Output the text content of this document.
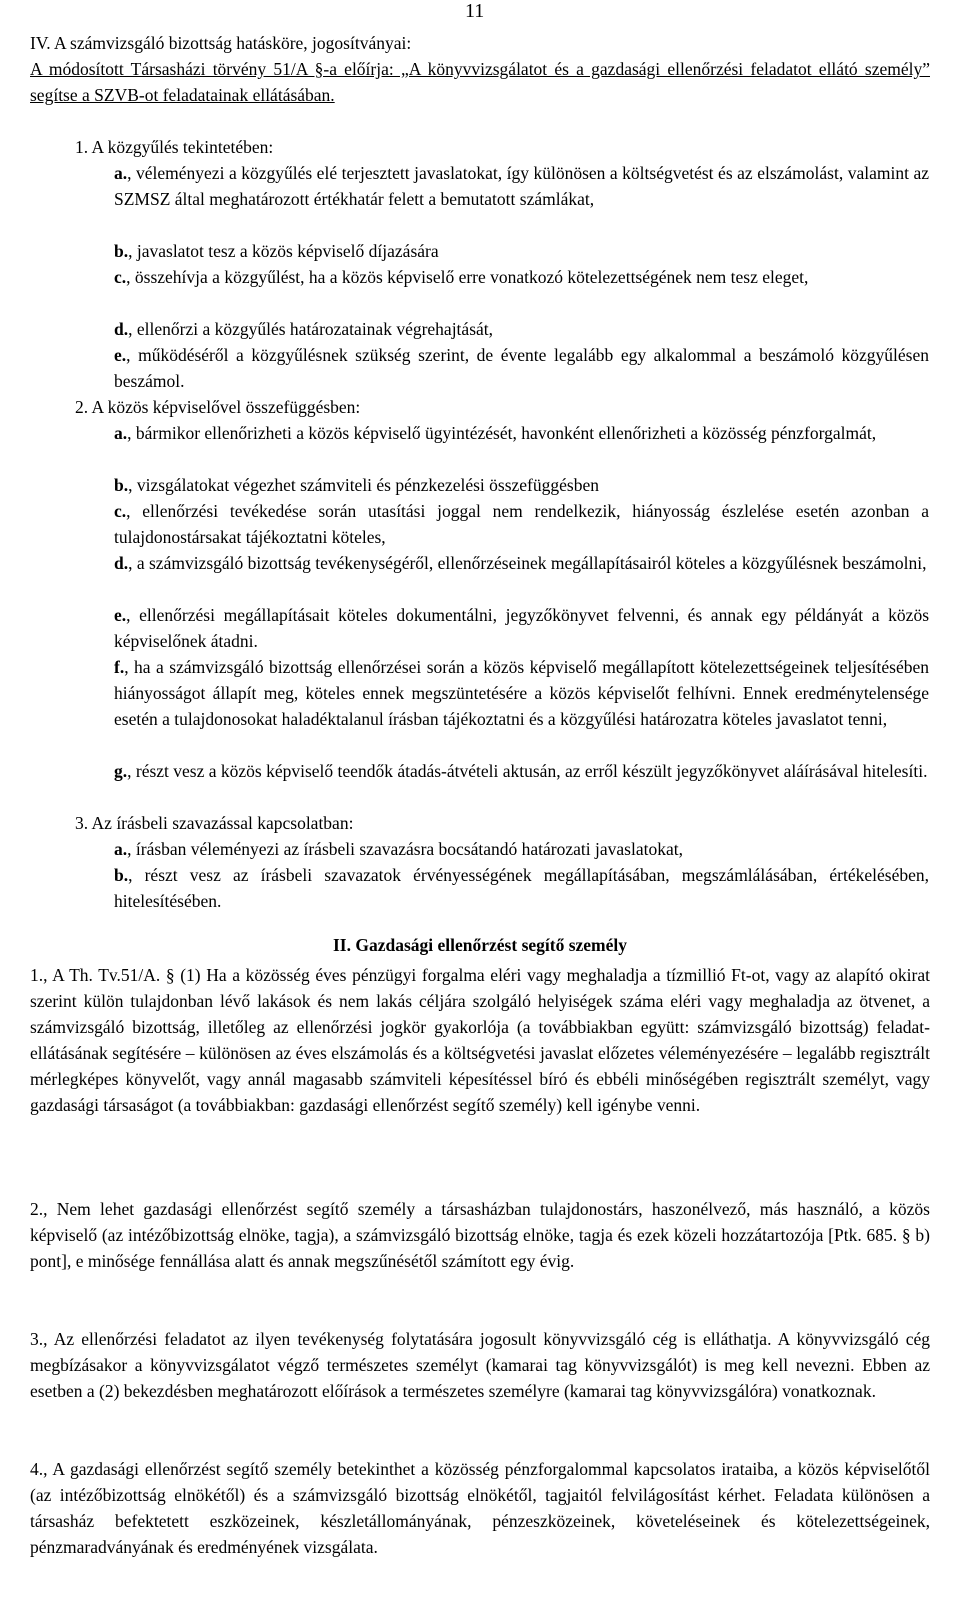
11
IV. A számvizsgáló bizottság hatásköre, jogosítványai:
A módosított Társasházi törvény 51/A §-a előírja: „A könyvvizsgálatot és a gazdasági ellenőrzési feladatot ellátó személy” segítse a SZVB-ot feladatainak ellátásában.
1. A közgyűlés tekintetében:
a., véleményezi a közgyűlés elé terjesztett javaslatokat, így különösen a költségvetést és az elszámolást, valamint az SZMSZ által meghatározott értékhatár felett a bemutatott számlákat,
b., javaslatot tesz a közös képviselő díjazására
c., összehívja a közgyűlést, ha a közös képviselő erre vonatkozó kötelezettségének nem tesz eleget,
d., ellenőrzi a közgyűlés határozatainak végrehajtását,
e., működéséről a közgyűlésnek szükség szerint, de évente legalább egy alkalommal a beszámoló közgyűlésen beszámol.
2. A közös képviselővel összefüggésben:
a., bármikor ellenőrizheti a közös képviselő ügyintézését, havonként ellenőrizheti a közösség pénzforgalmát,
b., vizsgálatokat végezhet számviteli és pénzkezelési összefüggésben
c., ellenőrzési tevékedése során utasítási joggal nem rendelkezik, hiányosság észlelése esetén azonban a tulajdonostársakat tájékoztatni köteles,
d., a számvizsgáló bizottság tevékenységéről, ellenőrzéseinek megállapításairól köteles a közgyűlésnek beszámolni,
e., ellenőrzési megállapításait köteles dokumentálni, jegyzőkönyvet felvenni, és annak egy példányát a közös képviselőnek átadni.
f., ha a számvizsgáló bizottság ellenőrzései során a közös képviselő megállapított kötelezettségeinek teljesítésében hiányosságot állapít meg, köteles ennek megszüntetésére a közös képviselőt felhívni. Ennek eredménytelensége esetén a tulajdonosokat haladéktalanul írásban tájékoztatni és a közgyűlési határozatra köteles javaslatot tenni,
g., részt vesz a közös képviselő teendők átadás-átvételi aktusán, az erről készült jegyzőkönyvet aláírásával hitelesíti.
3. Az írásbeli szavazással kapcsolatban:
a., írásban véleményezi az írásbeli szavazásra bocsátandó határozati javaslatokat,
b., részt vesz az írásbeli szavazatok érvényességének megállapításában, megszámlálásában, értékelésében, hitelesítésében.
II. Gazdasági ellenőrzést segítő személy
1., A Th. Tv.51/A. § (1) Ha a közösség éves pénzügyi forgalma eléri vagy meghaladja a tízmillió Ft-ot, vagy az alapító okirat szerint külön tulajdonban lévő lakások és nem lakás céljára szolgáló helyiségek száma eléri vagy meghaladja az ötvenet, a számvizsgáló bizottság, illetőleg az ellenőrzési jogkör gyakorlója (a továbbiakban együtt: számvizsgáló bizottság) feladat-ellátásának segítésére – különösen az éves elszámolás és a költségvetési javaslat előzetes véleményezésére – legalább regisztrált mérlegképes könyvelőt, vagy annál magasabb számviteli képesítéssel bíró és ebbéli minőségében regisztrált személyt, vagy gazdasági társaságot (a továbbiakban: gazdasági ellenőrzést segítő személy) kell igénybe venni.
2., Nem lehet gazdasági ellenőrzést segítő személy a társasházban tulajdonostárs, haszonélvező, más használó, a közös képviselő (az intézőbizottság elnöke, tagja), a számvizsgáló bizottság elnöke, tagja és ezek közeli hozzátartozója [Ptk. 685. § b) pont], e minősége fennállása alatt és annak megszűnésétől számított egy évig.
3., Az ellenőrzési feladatot az ilyen tevékenység folytatására jogosult könyvvizsgáló cég is elláthatja. A könyvvizsgáló cég megbízásakor a könyvvizsgálatot végző természetes személyt (kamarai tag könyvvizsgálót) is meg kell nevezni. Ebben az esetben a (2) bekezdésben meghatározott előírások a természetes személyre (kamarai tag könyvvizsgálóra) vonatkoznak.
4., A gazdasági ellenőrzést segítő személy betekinthet a közösség pénzforgalommal kapcsolatos irataiba, a közös képviselőtől (az intézőbizottság elnökétől) és a számvizsgáló bizottság elnökétől, tagjaitól felvilágosítást kérhet. Feladata különösen a társasház befektetett eszközeinek, készletállományának, pénzeszközeinek, követeléseinek és kötelezettségeinek, pénzmaradványának és eredményének vizsgálata.
